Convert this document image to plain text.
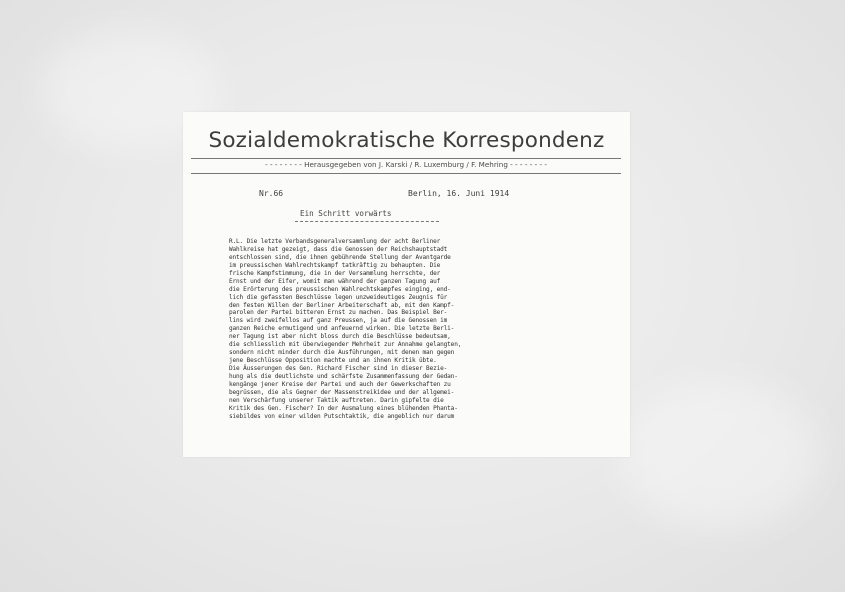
Sozialdemokratische Korrespondenz
- - - - - - - - Herausgegeben von J. Karski / R. Luxemburg / F. Mehring - - - - - - - -
Nr.66	Berlin, 16. Juni 1914
Ein Schritt vorwärts
R.L. Die letzte Verbandsgeneralversammlung der acht Berliner
Wahlkreise hat gezeigt, dass die Genossen der Reichshauptstadt
entschlossen sind, die ihnen gebührende Stellung der Avantgarde
im preussischen Wahlrechtskampf tatkräftig zu behaupten. Die
frische Kampfstimmung, die in der Versammlung herrschte, der
Ernst und der Eifer, womit man während der ganzen Tagung auf
die Erörterung des preussischen Wahlrechtskampfes einging, end-
lich die gefassten Beschlüsse legen unzweideutiges Zeugnis für
den festen Willen der Berliner Arbeiterschaft ab, mit den Kampf-
parolen der Partei bitteren Ernst zu machen. Das Beispiel Ber-
lins wird zweifellos auf ganz Preussen, ja auf die Genossen im
ganzen Reiche ermutigend und anfeuernd wirken. Die letzte Berli-
ner Tagung ist aber nicht bloss durch die Beschlüsse bedeutsam,
die schliesslich mit überwiegender Mehrheit zur Annahme gelangten,
sondern nicht minder durch die Ausführungen, mit denen man gegen
jene Beschlüsse Opposition machte und an ihnen Kritik übte.
Die Äusserungen des Gen. Richard Fischer sind in dieser Bezie-
hung als die deutlichste und schärfste Zusammenfassung der Gedan-
kengänge jener Kreise der Partei und auch der Gewerkschaften zu
begrüssen, die als Gegner der Massenstreikidee und der allgemei-
nen Verschärfung unserer Taktik auftreten. Darin gipfelte die
Kritik des Gen. Fischer? In der Ausmalung eines blühenden Phanta-
siebildes von einer wilden Putschtaktik, die angeblich nur darum
